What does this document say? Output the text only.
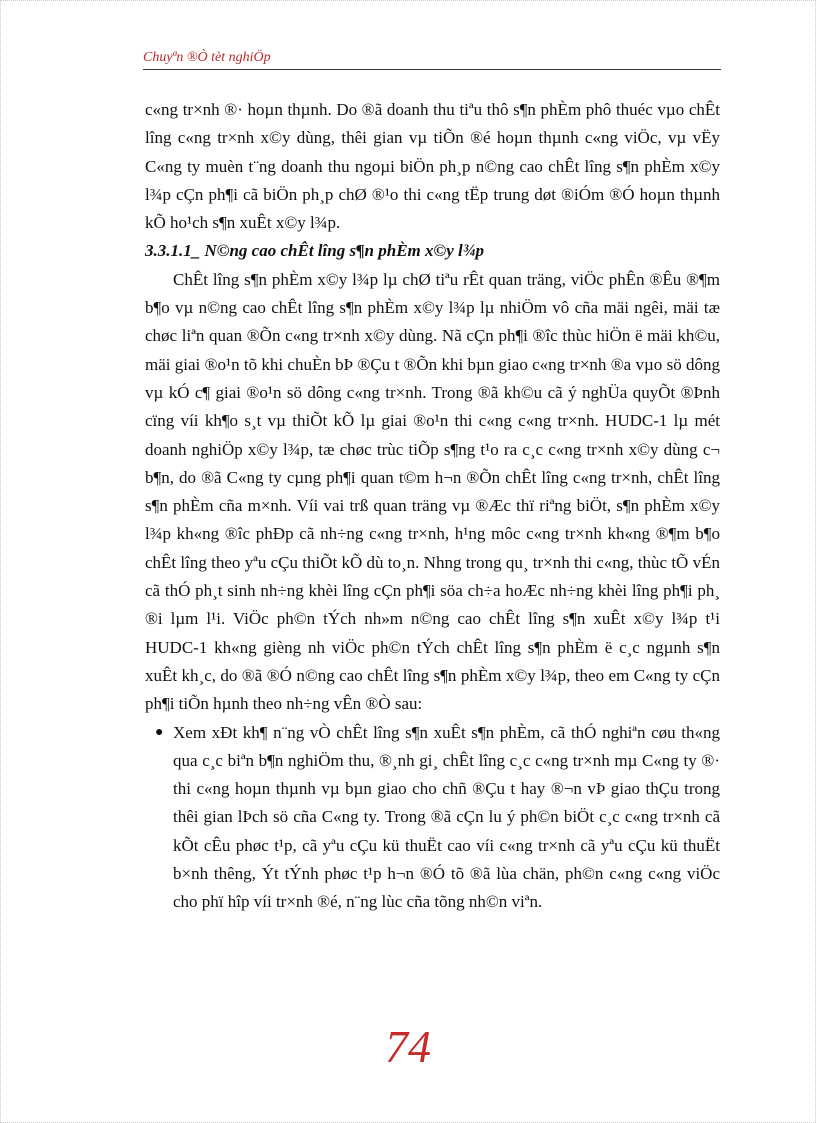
Chuyªn ®Ò tèt nghiÖp

c«ng tr×nh ®· hoµn thµnh. Do ®ã doanh thu tiªu thô s¶n phÈm phô thuéc vµo chÊt lîng c«ng tr×nh x©y dùng, thêi gian vµ tiÕn ®é hoµn thµnh c«ng viÖc, vµ vËy C«ng ty muèn t¨ng doanh thu ngoµi biÖn ph¸p n©ng cao chÊt lîng s¶n phÈm x©y l¾p cÇn ph¶i cã biÖn ph¸p chØ ®¹o thi c«ng tËp trung døt ®iÓm ®Ó hoµn thµnh kÕ ho¹ch s¶n xuÊt x©y l¾p.

3.3.1.1_ N©ng cao chÊt lîng s¶n phÈm x©y l¾p

ChÊt lîng s¶n phÈm x©y l¾p lµ chØ tiªu rÊt quan träng, viÖc phÊn ®Êu ®¶m b¶o vµ n©ng cao chÊt lîng s¶n phÈm x©y l¾p lµ nhiÖm vô cña mäi ngêi, mäi tæ chøc liªn quan ®Õn c«ng tr×nh x©y dùng. Nã cÇn ph¶i ®îc thùc hiÖn ë mäi kh©u, mäi giai ®o¹n tõ khi chuÈn bÞ ®Çu t ®Õn khi bµn giao c«ng tr×nh ®a vµo sö dông vµ kÓ c¶ giai ®o¹n sö dông c«ng tr×nh. Trong ®ã kh©u cã ý nghÜa quyÕt ®Þnh cïng víi kh¶o s¸t vµ thiÕt kÕ lµ giai ®o¹n thi c«ng c«ng tr×nh. HUDC-1 lµ mét doanh nghiÖp x©y l¾p, tæ chøc trùc tiÕp s¶ng t¹o ra c¸c c«ng tr×nh x©y dùng c¬ b¶n, do ®ã C«ng ty cµng ph¶i quan t©m h¬n ®Õn chÊt lîng c«ng tr×nh, chÊt lîng s¶n phÈm cña m×nh. Víi vai trß quan träng vµ ®Æc thï riªng biÖt, s¶n phÈm x©y l¾p kh«ng ®îc phÐp cã nh÷ng c«ng tr×nh, h¹ng môc c«ng tr×nh kh«ng ®¶m b¶o chÊt lîng theo yªu cÇu thiÕt kÕ dù to¸n. Nhng trong qu¸ tr×nh thi c«ng, thùc tÕ vÉn cã thÓ ph¸t sinh nh÷ng khèi lîng cÇn ph¶i söa ch÷a hoÆc nh÷ng khèi lîng ph¶i ph¸ ®i lµm l¹i. ViÖc ph©n tÝch nh»m n©ng cao chÊt lîng s¶n xuÊt x©y l¾p t¹i HUDC-1 kh«ng gièng nh viÖc ph©n tÝch chÊt lîng s¶n phÈm ë c¸c ngµnh s¶n xuÊt kh¸c, do ®ã ®Ó n©ng cao chÊt lîng s¶n phÈm x©y l¾p, theo em C«ng ty cÇn ph¶i tiÕn hµnh theo nh÷ng vÊn ®Ò sau:

● Xem xÐt kh¶ n¨ng vÒ chÊt lîng s¶n xuÊt s¶n phÈm, cã thÓ nghiªn cøu th«ng qua c¸c biªn b¶n nghiÖm thu, ®¸nh gi¸ chÊt lîng c¸c c«ng tr×nh mµ C«ng ty ®· thi c«ng hoµn thµnh vµ bµn giao cho chñ ®Çu t hay ®¬n vÞ giao thÇu trong thêi gian lÞch sö cña C«ng ty. Trong ®ã cÇn lu ý ph©n biÖt c¸c c«ng tr×nh cã kÕt cÊu phøc t¹p, cã yªu cÇu kü thuËt cao víi c«ng tr×nh cã yªu cÇu kü thuËt b×nh thêng, Ýt tÝnh phøc t¹p h¬n ®Ó tõ ®ã lùa chän, ph©n c«ng c«ng viÖc cho phï hîp víi tr×nh ®é, n¨ng lùc cña tõng nh©n viªn.

74
